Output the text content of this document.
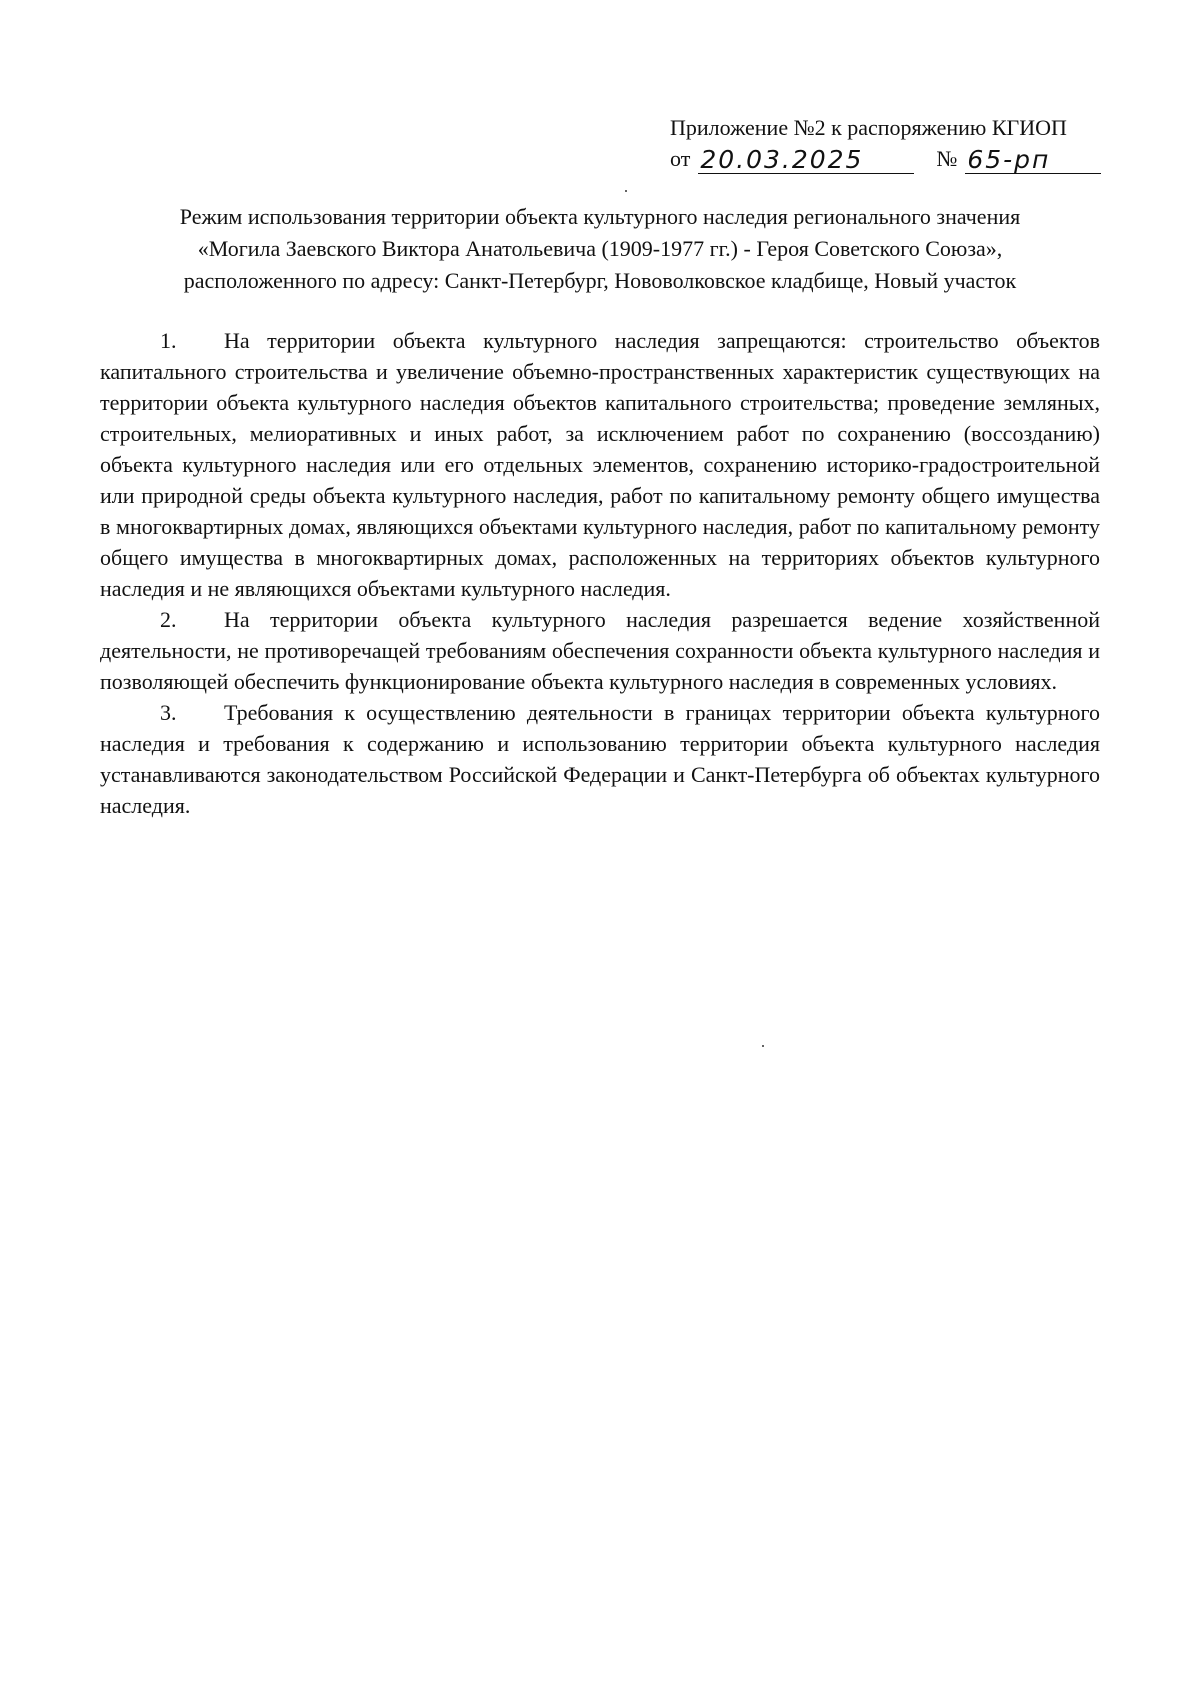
Приложение №2 к распоряжению КГИОП
от 20.03.2025	№ 65-рп
Режим использования территории объекта культурного наследия регионального значения
«Могила Заевского Виктора Анатольевича (1909-1977 гг.) - Героя Советского Союза»,
расположенного по адресу: Санкт-Петербург, Нововолковское кладбище, Новый участок

1. На территории объекта культурного наследия запрещаются: строительство объектов капитального строительства и увеличение объемно-пространственных характеристик существующих на территории объекта культурного наследия объектов капитального строительства; проведение земляных, строительных, мелиоративных и иных работ, за исключением работ по сохранению (воссозданию) объекта культурного наследия или его отдельных элементов, сохранению историко-градостроительной или природной среды объекта культурного наследия, работ по капитальному ремонту общего имущества в многоквартирных домах, являющихся объектами культурного наследия, работ по капитальному ремонту общего имущества в многоквартирных домах, расположенных на территориях объектов культурного наследия и не являющихся объектами культурного наследия.

2. На территории объекта культурного наследия разрешается ведение хозяйственной деятельности, не противоречащей требованиям обеспечения сохранности объекта культурного наследия и позволяющей обеспечить функционирование объекта культурного наследия в современных условиях.

3. Требования к осуществлению деятельности в границах территории объекта культурного наследия и требования к содержанию и использованию территории объекта культурного наследия устанавливаются законодательством Российской Федерации и Санкт-Петербурга об объектах культурного наследия.
